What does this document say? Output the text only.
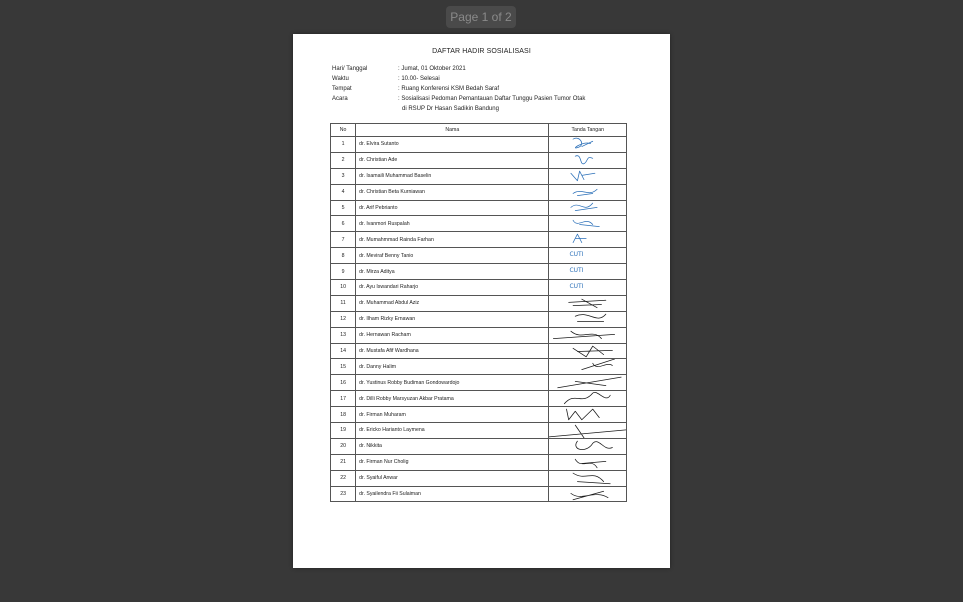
Page 1 of 2
DAFTAR HADIR SOSIALISASI
Hari/ Tanggal	: Jumat, 01 Oktober 2021
Waktu	: 10.00- Selesai
Tempat	: Ruang Konferensi KSM Bedah Saraf
Acara	: Sosialisasi Pedoman Pemantauan Daftar Tunggu Pasien Tumor Otak
di RSUP Dr Hasan Sadikin Bandung
No	Nama	Tanda Tangan
1	dr. Elvira Sutanto	

2	dr. Christian Ade	

3	dr. Isamaili Muhammad Baselin	

4	dr. Christian Beta Kurniawan	

5	dr. Arif Pebrianto	

6	dr. Ivanmori Ruspalah	

7	dr. Mumahmmad Rainda Farhan	

8	dr. Meviraf Benny Tanio	CUTI

9	dr. Mirza Aditya	CUTI

10	dr. Ayu Iswandari Raharjo	CUTI

11	dr. Muhammad Abdul Aziz	

12	dr. Ilham Rizky Ernawan	

13	dr. Hernawan Racham	

14	dr. Mustafa Afif Wardhana	

15	dr. Danny Halim	

16	dr. Yustinus Robby Budiman Gondowardojo	

17	dr. Dilli Robby Marsyuzan Akbar Pratama	

18	dr. Firman Muharam	

19	dr. Ericko Harianto Laymena	

20	dr. Nikkita	

21	dr. Firman Nur Cholig	

22	dr. Syaiful Anwar	

23	dr. Syailendra Fii Sulaiman	
